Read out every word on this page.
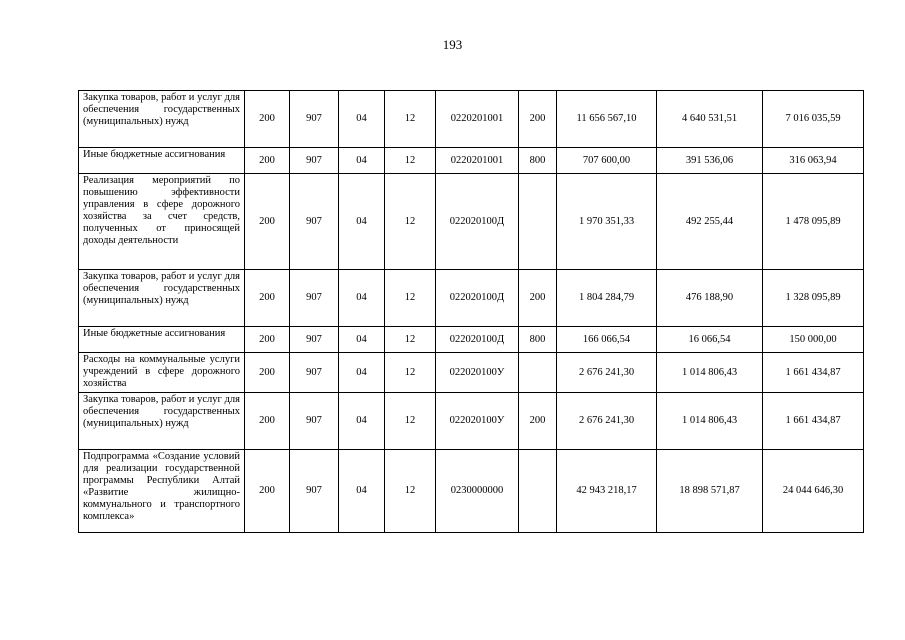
193
Закупка товаров, работ и услуг для обеспечения государственных (муниципальных) нужд	200	907	04	12	0220201001	200	11 656 567,10	4 640 531,51	7 016 035,59
Иные бюджетные ассигнования	200	907	04	12	0220201001	800	707 600,00	391 536,06	316 063,94
Реализация мероприятий по повышению эффективности управления в сфере дорожного хозяйства за счет средств, полученных от приносящей доходы деятельности	200	907	04	12	022020100Д		1 970 351,33	492 255,44	1 478 095,89
Закупка товаров, работ и услуг для обеспечения государственных (муниципальных) нужд	200	907	04	12	022020100Д	200	1 804 284,79	476 188,90	1 328 095,89
Иные бюджетные ассигнования	200	907	04	12	022020100Д	800	166 066,54	16 066,54	150 000,00
Расходы на коммунальные услуги учреждений в сфере дорожного хозяйства	200	907	04	12	022020100У		2 676 241,30	1 014 806,43	1 661 434,87
Закупка товаров, работ и услуг для обеспечения государственных (муниципальных) нужд	200	907	04	12	022020100У	200	2 676 241,30	1 014 806,43	1 661 434,87
Подпрограмма «Создание условий для реализации государственной программы Республики Алтай «Развитие жилищно-коммунального и транспортного комплекса»	200	907	04	12	0230000000		42 943 218,17	18 898 571,87	24 044 646,30
